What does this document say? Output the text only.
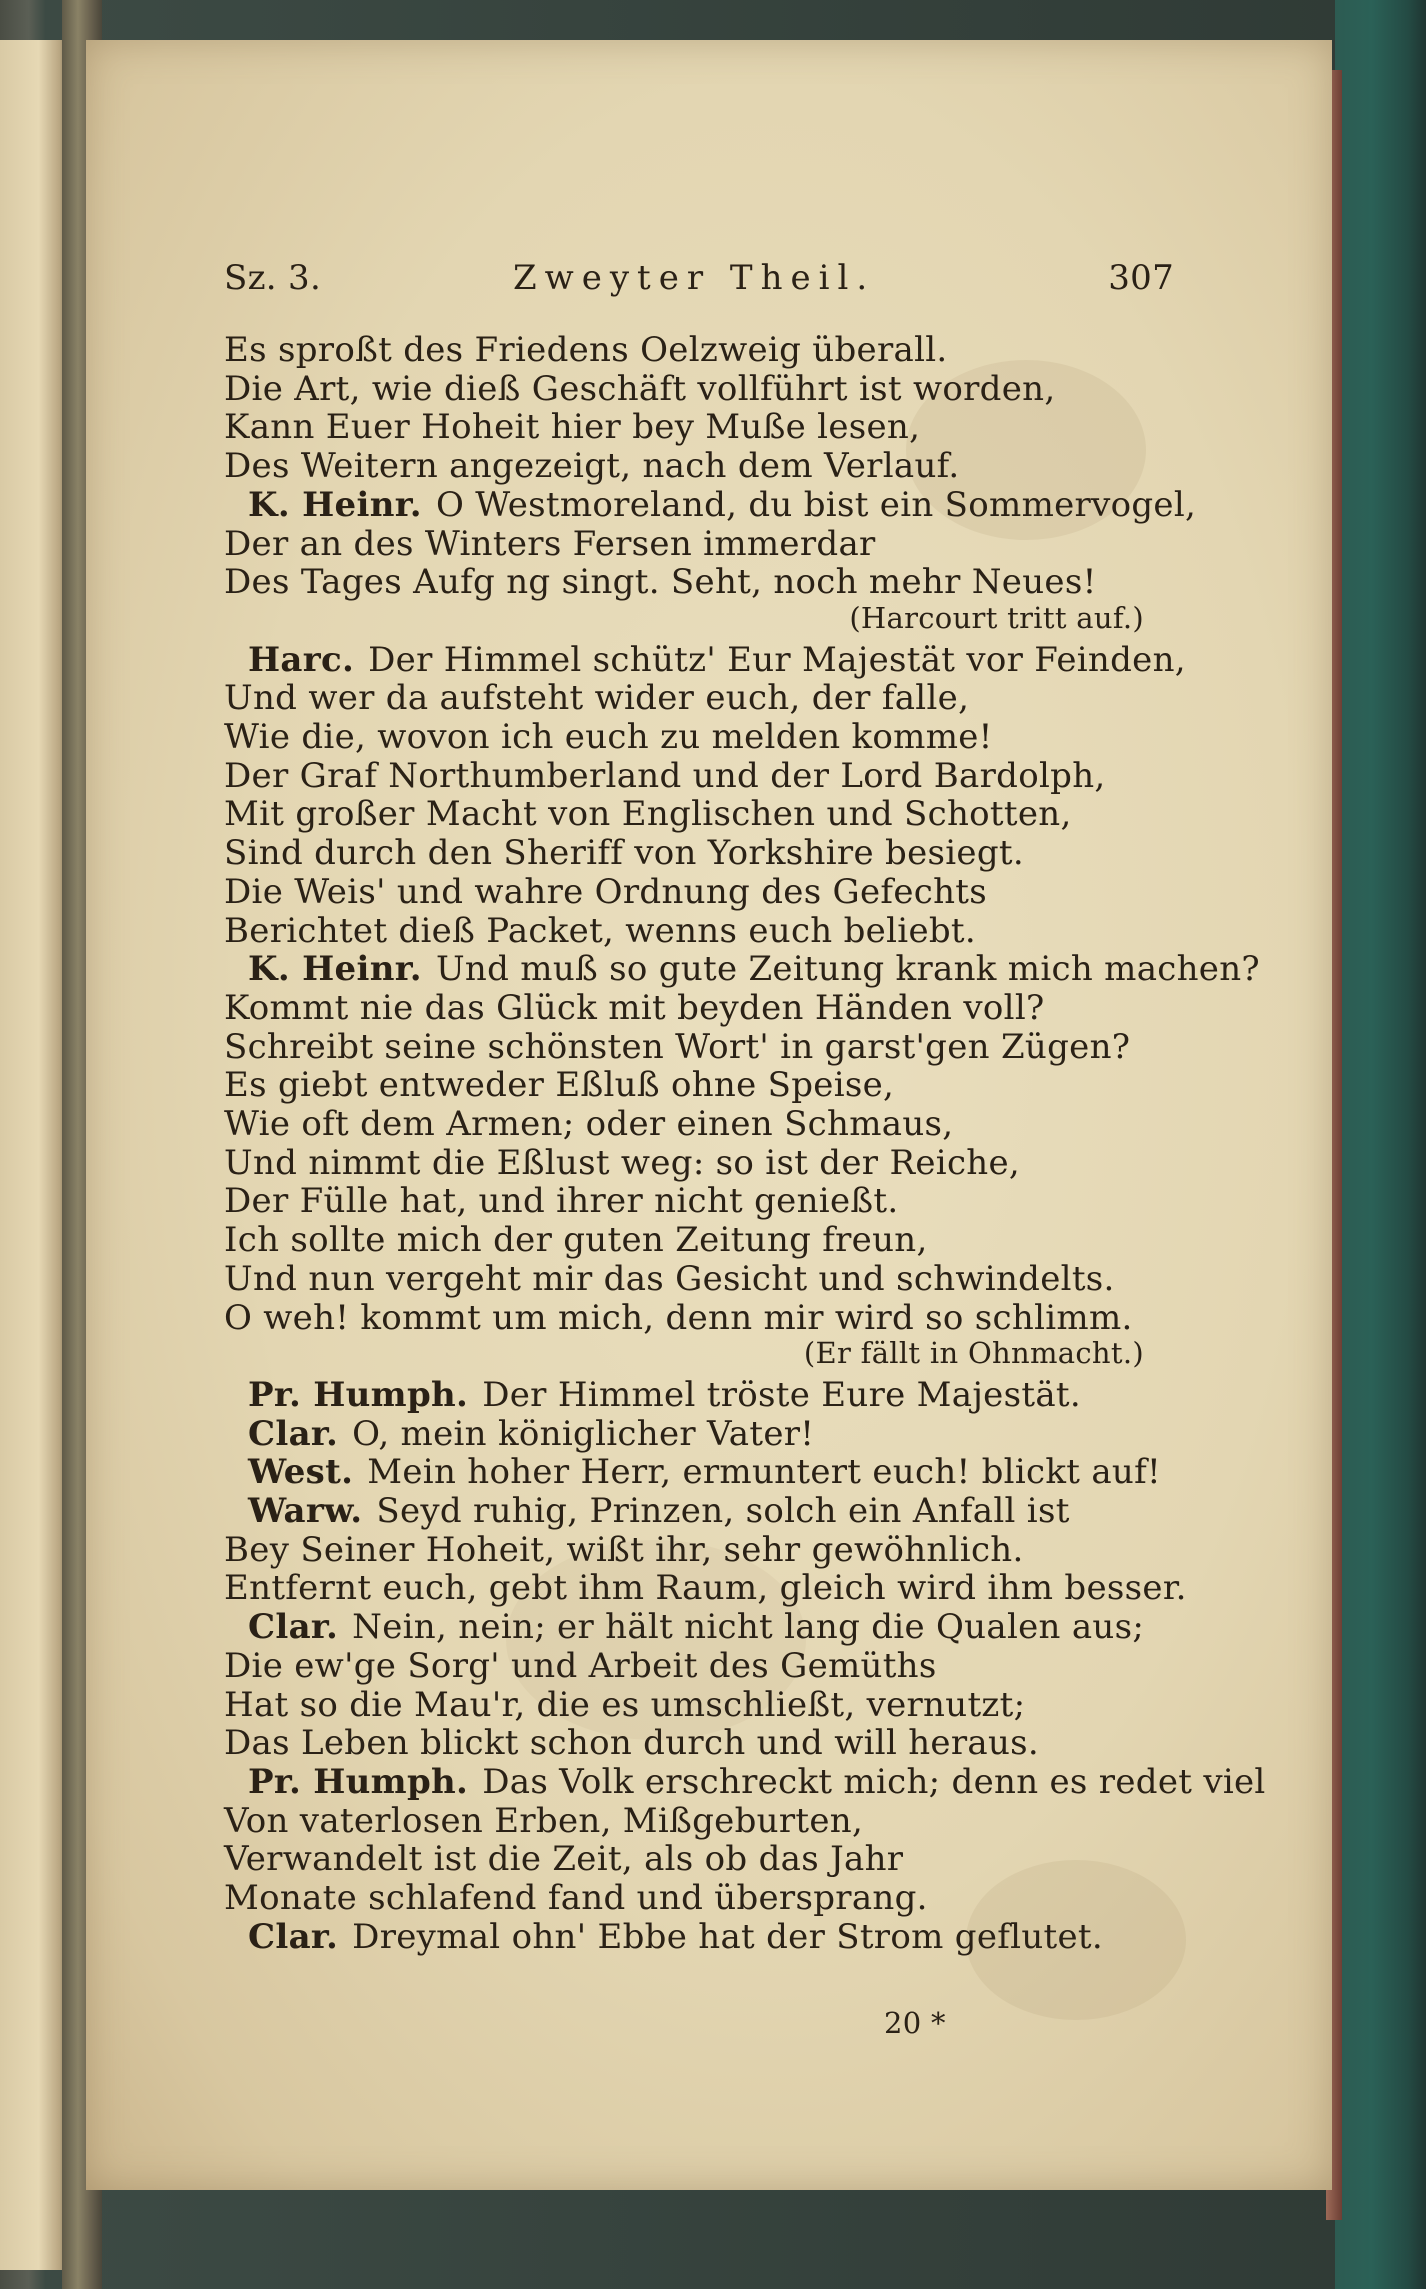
Sz. 3.	Zweyter Theil.	307
Es sproßt des Friedens Oelzweig überall.
Die Art, wie dieß Geschäft vollführt ist worden,
Kann Euer Hoheit hier bey Muße lesen,
Des Weitern angezeigt, nach dem Verlauf.
K. Heinr. O Westmoreland, du bist ein Sommervogel,
Der an des Winters Fersen immerdar
Des Tages Aufg ng singt. Seht, noch mehr Neues!
(Harcourt tritt auf.)
Harc. Der Himmel schütz' Eur Majestät vor Feinden,
Und wer da aufsteht wider euch, der falle,
Wie die, wovon ich euch zu melden komme!
Der Graf Northumberland und der Lord Bardolph,
Mit großer Macht von Englischen und Schotten,
Sind durch den Sheriff von Yorkshire besiegt.
Die Weis' und wahre Ordnung des Gefechts
Berichtet dieß Packet, wenns euch beliebt.
K. Heinr. Und muß so gute Zeitung krank mich machen?
Kommt nie das Glück mit beyden Händen voll?
Schreibt seine schönsten Wort' in garst'gen Zügen?
Es giebt entweder Eßluß ohne Speise,
Wie oft dem Armen; oder einen Schmaus,
Und nimmt die Eßlust weg: so ist der Reiche,
Der Fülle hat, und ihrer nicht genießt.
Ich sollte mich der guten Zeitung freun,
Und nun vergeht mir das Gesicht und schwindelts.
O weh! kommt um mich, denn mir wird so schlimm.
(Er fällt in Ohnmacht.)
Pr. Humph. Der Himmel tröste Eure Majestät.
Clar. O, mein königlicher Vater!
West. Mein hoher Herr, ermuntert euch! blickt auf!
Warw. Seyd ruhig, Prinzen, solch ein Anfall ist
Bey Seiner Hoheit, wißt ihr, sehr gewöhnlich.
Entfernt euch, gebt ihm Raum, gleich wird ihm besser.
Clar. Nein, nein; er hält nicht lang die Qualen aus;
Die ew'ge Sorg' und Arbeit des Gemüths
Hat so die Mau'r, die es umschließt, vernutzt;
Das Leben blickt schon durch und will heraus.
Pr. Humph. Das Volk erschreckt mich; denn es redet viel
Von vaterlosen Erben, Mißgeburten,
Verwandelt ist die Zeit, als ob das Jahr
Monate schlafend fand und übersprang.
Clar. Dreymal ohn' Ebbe hat der Strom geflutet.
20 *
